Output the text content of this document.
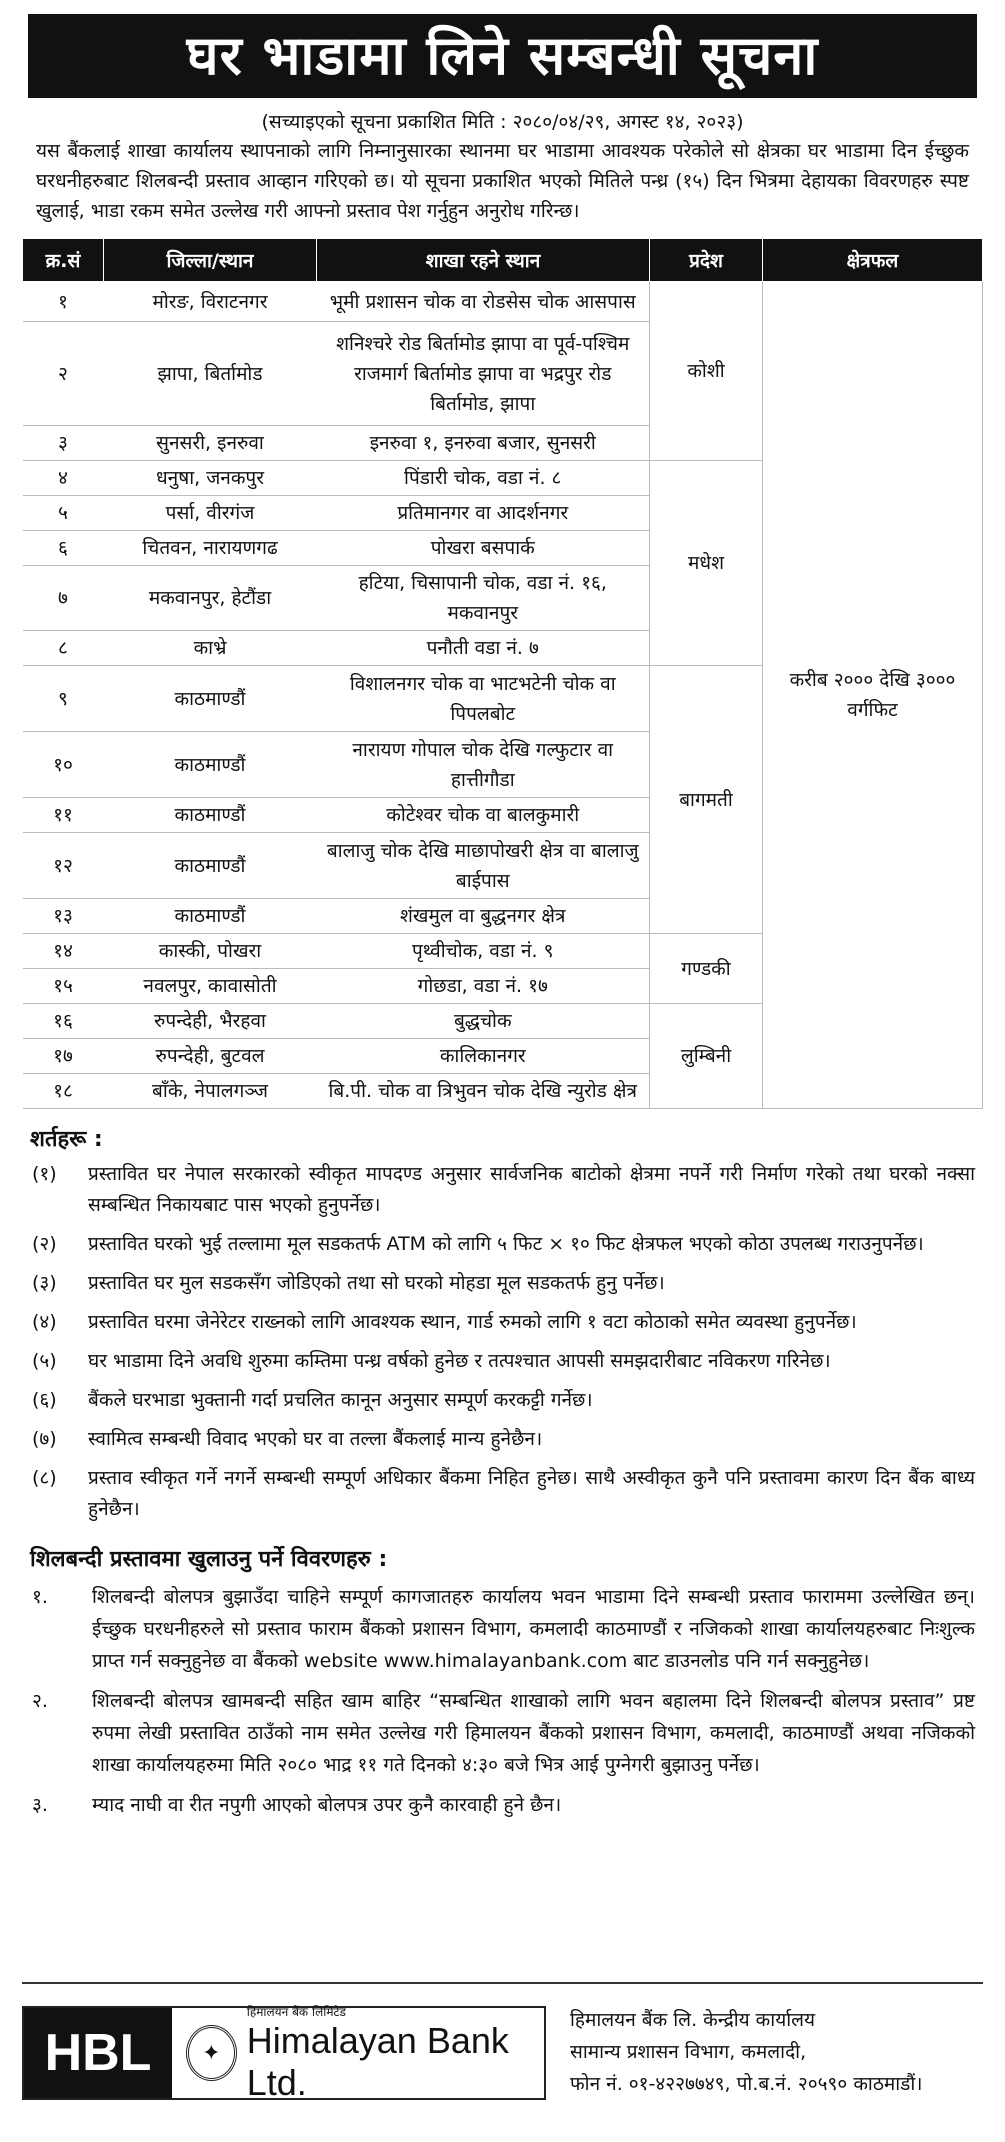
घर भाडामा लिने सम्बन्धी सूचना
(सच्याइएको सूचना प्रकाशित मिति : २०८०/०४/२९, अगस्ट १४, २०२३)
यस बैंकलाई शाखा कार्यालय स्थापनाको लागि निम्नानुसारका स्थानमा घर भाडामा आवश्यक परेकोले सो क्षेत्रका घर भाडामा दिन ईच्छुक घरधनीहरुबाट शिलबन्दी प्रस्ताव आव्हान गरिएको छ। यो सूचना प्रकाशित भएको मितिले पन्ध्र (१५) दिन भित्रमा देहायका विवरणहरु स्पष्ट खुलाई, भाडा रकम समेत उल्लेख गरी आफ्नो प्रस्ताव पेश गर्नुहुन अनुरोध गरिन्छ।
क्र.सं	जिल्ला/स्थान	शाखा रहने स्थान	प्रदेश	क्षेत्रफल
१	मोरङ, विराटनगर	भूमी प्रशासन चोक वा रोडसेस चोक आसपास	कोशी	करीब २००० देखि ३००० वर्गफिट
२	झापा, बिर्तामोड	शनिश्चरे रोड बिर्तामोड झापा वा पूर्व-पश्चिम राजमार्ग बिर्तामोड झापा वा भद्रपुर रोड बिर्तामोड, झापा		
३	सुनसरी, इनरुवा	इनरुवा १, इनरुवा बजार, सुनसरी		
४	धनुषा, जनकपुर	पिंडारी चोक, वडा नं. ८	मधेश	
५	पर्सा, वीरगंज	प्रतिमानगर वा आदर्शनगर		
६	चितवन, नारायणगढ	पोखरा बसपार्क		
७	मकवानपुर, हेटौंडा	हटिया, चिसापानी चोक, वडा नं. १६, मकवानपुर		
८	काभ्रे	पनौती वडा नं. ७		
९	काठमाण्डौं	विशालनगर चोक वा भाटभटेनी चोक वा पिपलबोट	बागमती	
१०	काठमाण्डौं	नारायण गोपाल चोक देखि गल्फुटार वा हात्तीगौडा		
११	काठमाण्डौं	कोटेश्वर चोक वा बालकुमारी		
१२	काठमाण्डौं	बालाजु चोक देखि माछापोखरी क्षेत्र वा बालाजु बाईपास		
१३	काठमाण्डौं	शंखमुल वा बुद्धनगर क्षेत्र		
१४	कास्की, पोखरा	पृथ्वीचोक, वडा नं. ९	गण्डकी	
१५	नवलपुर, कावासोती	गोछडा, वडा नं. १७		
१६	रुपन्देही, भैरहवा	बुद्धचोक	लुम्बिनी	
१७	रुपन्देही, बुटवल	कालिकानगर		
१८	बाँके, नेपालगञ्ज	बि.पी. चोक वा त्रिभुवन चोक देखि न्युरोड क्षेत्र		
शर्तहरू :
(१)	प्रस्तावित घर नेपाल सरकारको स्वीकृत मापदण्ड अनुसार सार्वजनिक बाटोको क्षेत्रमा नपर्ने गरी निर्माण गरेको तथा घरको नक्सा सम्बन्धित निकायबाट पास भएको हुनुपर्नेछ।
(२)	प्रस्तावित घरको भुई तल्लामा मूल सडकतर्फ ATM को लागि ५ फिट × १० फिट क्षेत्रफल भएको कोठा उपलब्ध गराउनुपर्नेछ।
(३)	प्रस्तावित घर मुल सडकसँग जोडिएको तथा सो घरको मोहडा मूल सडकतर्फ हुनु पर्नेछ।
(४)	प्रस्तावित घरमा जेनेरेटर राख्नको लागि आवश्यक स्थान, गार्ड रुमको लागि १ वटा कोठाको समेत व्यवस्था हुनुपर्नेछ।
(५)	घर भाडामा दिने अवधि शुरुमा कम्तिमा पन्ध्र वर्षको हुनेछ र तत्पश्चात आपसी समझदारीबाट नविकरण गरिनेछ।
(६)	बैंकले घरभाडा भुक्तानी गर्दा प्रचलित कानून अनुसार सम्पूर्ण करकट्टी गर्नेछ।
(७)	स्वामित्व सम्बन्धी विवाद भएको घर वा तल्ला बैंकलाई मान्य हुनेछैन।
(८)	प्रस्ताव स्वीकृत गर्ने नगर्ने सम्बन्धी सम्पूर्ण अधिकार बैंकमा निहित हुनेछ। साथै अस्वीकृत कुनै पनि प्रस्तावमा कारण दिन बैंक बाध्य हुनेछैन।
शिलबन्दी प्रस्तावमा खुलाउनु पर्ने विवरणहरु :
१.	शिलबन्दी बोलपत्र बुझाउँदा चाहिने सम्पूर्ण कागजातहरु कार्यालय भवन भाडामा दिने सम्बन्धी प्रस्ताव फाराममा उल्लेखित छन्। ईच्छुक घरधनीहरुले सो प्रस्ताव फाराम बैंकको प्रशासन विभाग, कमलादी काठमाण्डौं र नजिकको शाखा कार्यालयहरुबाट निःशुल्क प्राप्त गर्न सक्नुहुनेछ वा बैंकको website www.himalayanbank.com बाट डाउनलोड पनि गर्न सक्नुहुनेछ।
२.	शिलबन्दी बोलपत्र खामबन्दी सहित खाम बाहिर “सम्बन्धित शाखाको लागि भवन बहालमा दिने शिलबन्दी बोलपत्र प्रस्ताव” प्रष्ट रुपमा लेखी प्रस्तावित ठाउँको नाम समेत उल्लेख गरी हिमालयन बैंकको प्रशासन विभाग, कमलादी, काठमाण्डौं अथवा नजिकको शाखा कार्यालयहरुमा मिति २०८० भाद्र ११ गते दिनको ४:३० बजे भित्र आई पुग्नेगरी बुझाउनु पर्नेछ।
३.	म्याद नाघी वा रीत नपुगी आएको बोलपत्र उपर कुनै कारवाही हुने छैन।
HBL	✦
हिमालयन बैंक लिमिटेड
Himalayan Bank Ltd.
हिमालयन बैंक लि. केन्द्रीय कार्यालय
सामान्य प्रशासन विभाग, कमलादी,
फोन नं. ०१-४२२७७४९, पो.ब.नं. २०५९० काठमाडौं।
